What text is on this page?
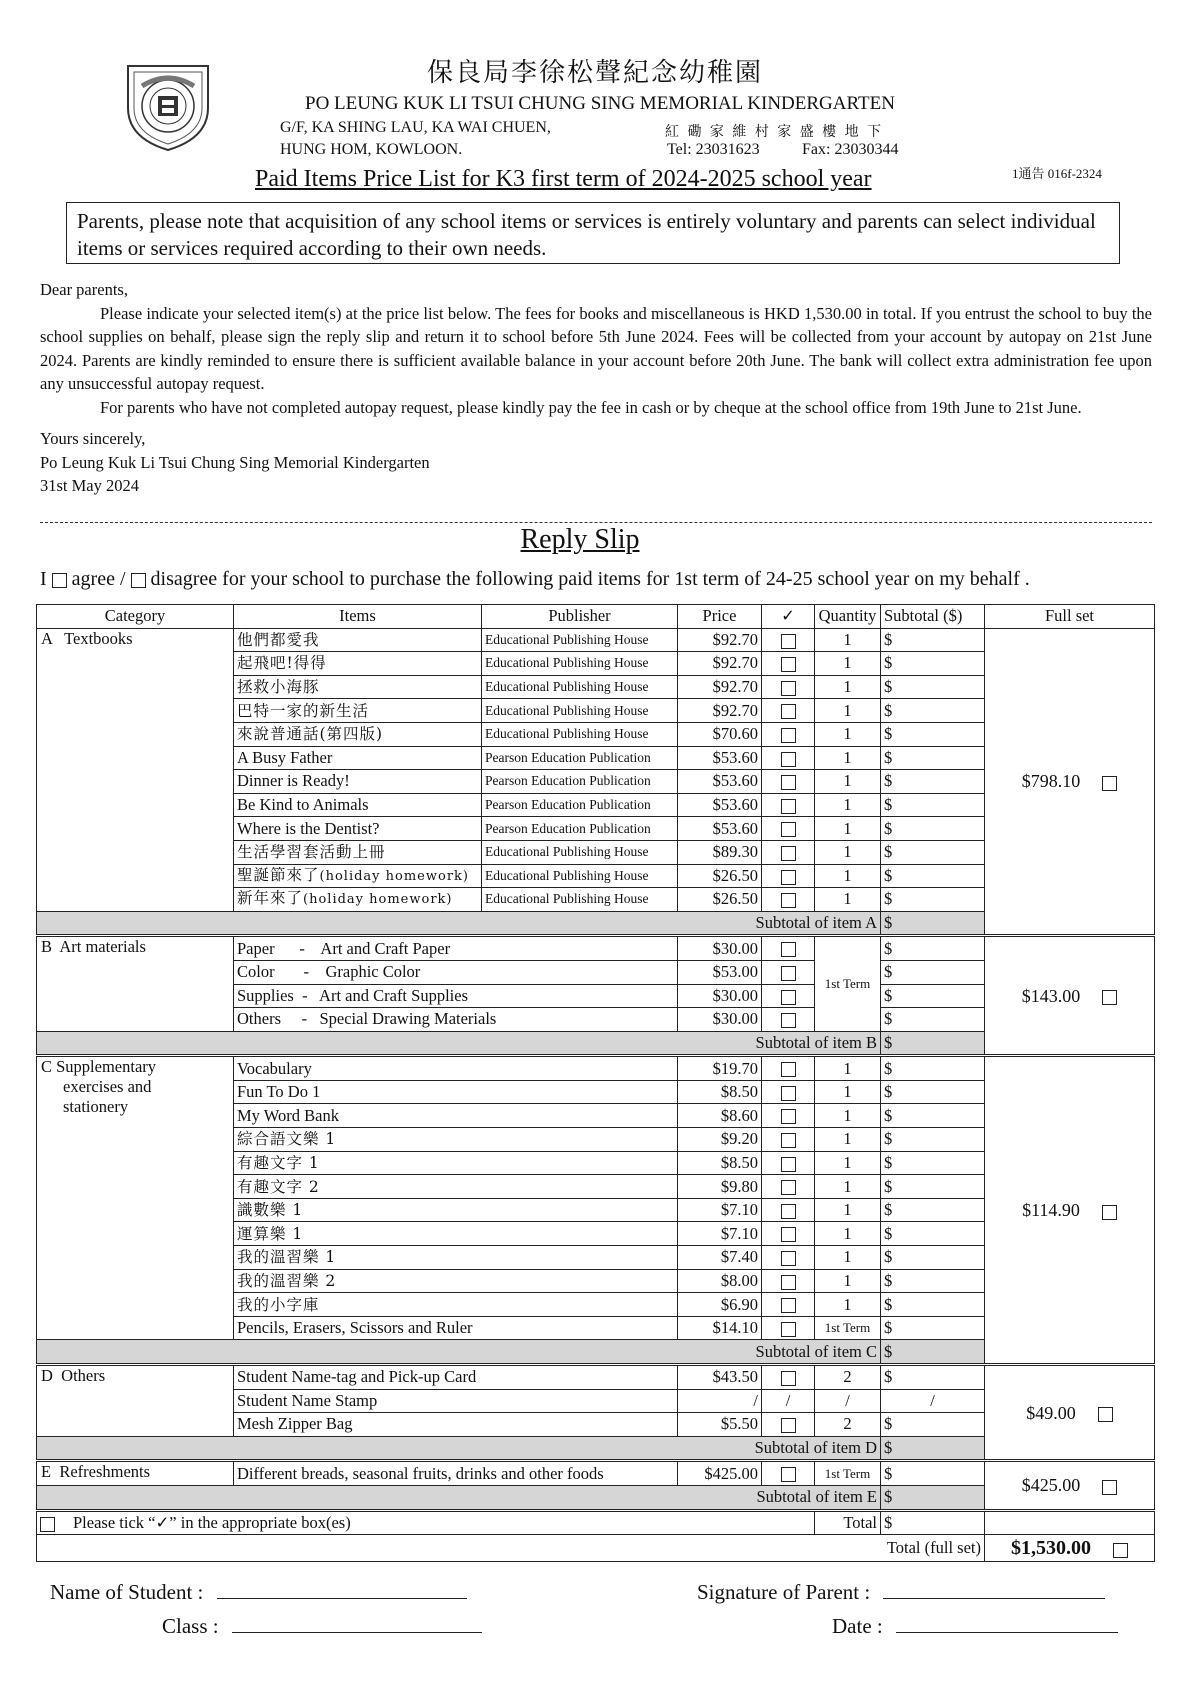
保良局李徐松聲紀念幼稚園
PO LEUNG KUK LI TSUI CHUNG SING MEMORIAL KINDERGARTEN
G/F, KA SHING LAU, KA WAI CHUEN,
HUNG HOM, KOWLOON.
紅 磡 家 維 村 家 盛 樓 地 下
Tel: 23031623	Fax: 23030344
Paid Items Price List for K3 first term of 2024-2025 school year	1通告 016f-2324
Parents, please note that acquisition of any school items or services is entirely voluntary and parents can select individual items or services required according to their own needs.

Dear parents,

Please indicate your selected item(s) at the price list below. The fees for books and miscellaneous is HKD 1,530.00 in total. If you entrust the school to buy the school supplies on behalf, please sign the reply slip and return it to school before 5th June 2024. Fees will be collected from your account by autopay on 21st June 2024. Parents are kindly reminded to ensure there is sufficient available balance in your account before 20th June. The bank will collect extra administration fee upon any unsuccessful autopay request.

For parents who have not completed autopay request, please kindly pay the fee in cash or by cheque at the school office from 19th June to 21st June.

Yours sincerely,

Po Leung Kuk Li Tsui Chung Sing Memorial Kindergarten

31st May 2024

Reply Slip
I agree / disagree for your school to purchase the following paid items for 1st term of 24-25 school year on my behalf .
Category	Items	Publisher	Price	✓	Quantity	Subtotal ($)	Full set
A   Textbooks	他們都愛我	Educational Publishing House	$92.70		1	$	$798.10
	起飛吧!得得	Educational Publishing House	$92.70		1	$	
	拯救小海豚	Educational Publishing House	$92.70		1	$	
	巴特一家的新生活	Educational Publishing House	$92.70		1	$	
	來說普通話(第四版)	Educational Publishing House	$70.60		1	$	
	A Busy Father	Pearson Education Publication	$53.60		1	$	
	Dinner is Ready!	Pearson Education Publication	$53.60		1	$	
	Be Kind to Animals	Pearson Education Publication	$53.60		1	$	
	Where is the Dentist?	Pearson Education Publication	$53.60		1	$	
	生活學習套活動上冊	Educational Publishing House	$89.30		1	$	
	聖誕節來了(holiday homework)	Educational Publishing House	$26.50		1	$	
	新年來了(holiday homework)	Educational Publishing House	$26.50		1	$	
Subtotal of item A						$	
B  Art materials	Paper      -    Art and Craft Paper		$30.00		1st Term	$	$143.00
	Color       -    Graphic Color		$53.00			$	
	Supplies  -   Art and Craft Supplies		$30.00			$	
	Others     -   Special Drawing Materials		$30.00			$	
Subtotal of item B						$	

C Supplementary
exercises and
stationery	Vocabulary		$19.70		1	$	$114.90
	Fun To Do 1		$8.50		1	$	
	My Word Bank		$8.60		1	$	
	綜合語文樂 1		$9.20		1	$	
	有趣文字 1		$8.50		1	$	
	有趣文字 2		$9.80		1	$	
	識數樂 1		$7.10		1	$	
	運算樂 1		$7.10		1	$	
	我的溫習樂 1		$7.40		1	$	
	我的溫習樂 2		$8.00		1	$	
	我的小字庫		$6.90		1	$	
	Pencils, Erasers, Scissors and Ruler		$14.10		1st Term	$	
Subtotal of item C						$	
D  Others	Student Name-tag and Pick-up Card		$43.50		2	$	$49.00
	Student Name Stamp		/	/	/	/	
	Mesh Zipper Bag		$5.50		2	$	
Subtotal of item D						$	
E  Refreshments	Different breads, seasonal fruits, drinks and other foods		$425.00		1st Term	$	$425.00
Subtotal of item E						$	
Please tick “✓” in the appropriate box(es)					Total	$	
Total (full set)							$1,530.00
Name of Student :
Class :
Signature of Parent :
Date :
